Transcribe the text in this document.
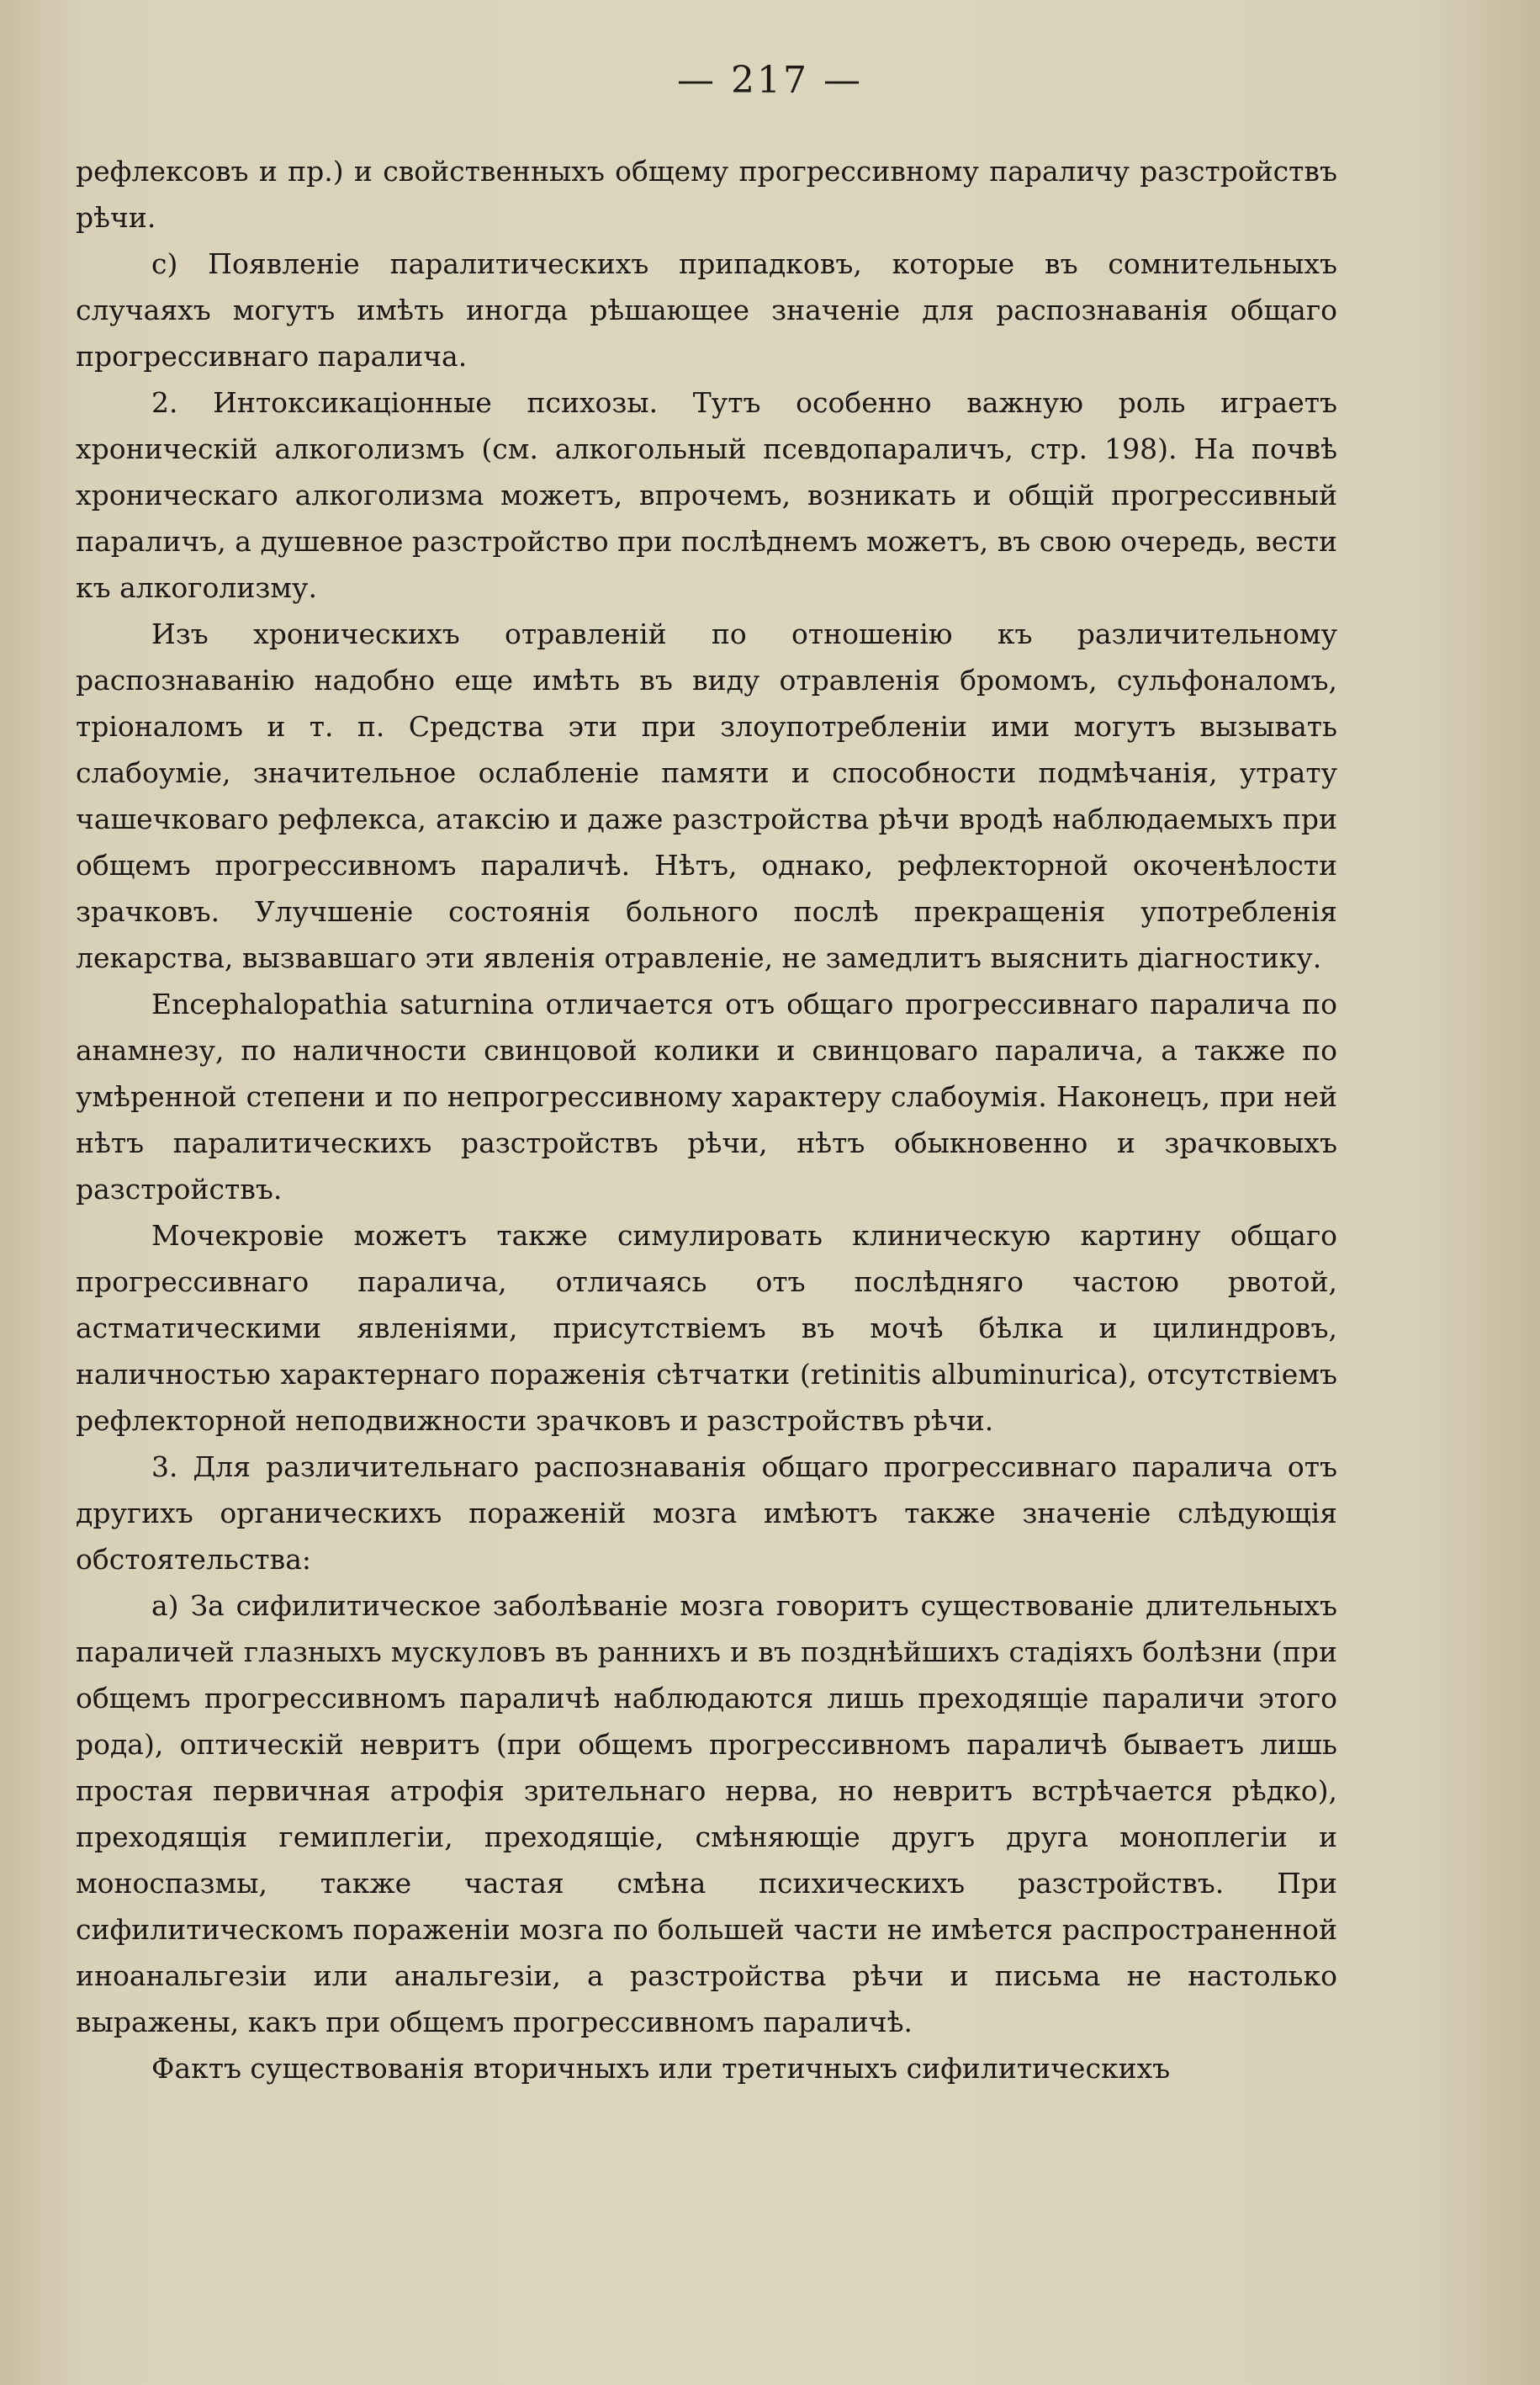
— 217 —

рефлексовъ и пр.) и свойственныхъ общему прогрессивному параличу разстройствъ рѣчи.

c) Появленіе паралитическихъ припадковъ, которые въ сомнительныхъ случаяхъ могутъ имѣть иногда рѣшающее значеніе для распознаванія общаго прогрессивнаго паралича.

2. Интоксикаціонные психозы. Тутъ особенно важную роль играетъ хроническій алкоголизмъ (см. алкогольный псевдопараличъ, стр. 198). На почвѣ хроническаго алкоголизма можетъ, впрочемъ, возникать и общій прогрессивный параличъ, а душевное разстройство при послѣднемъ можетъ, въ свою очередь, вести къ алкоголизму.

Изъ хроническихъ отравленій по отношенію къ различительному распознаванію надобно еще имѣть въ виду отравленія бромомъ, сульфоналомъ, тріоналомъ и т. п. Средства эти при злоупотребленіи ими могутъ вызывать слабоуміе, значительное ослабленіе памяти и способности подмѣчанія, утрату чашечковаго рефлекса, атаксію и даже разстройства рѣчи вродѣ наблюдаемыхъ при общемъ прогрессивномъ параличѣ. Нѣтъ, однако, рефлекторной окоченѣлости зрачковъ. Улучшеніе состоянія больного послѣ прекращенія употребленія лекарства, вызвавшаго эти явленія отравленіе, не замедлитъ выяснить діагностику.

Encephalopathia saturnina отличается отъ общаго прогрессивнаго паралича по анамнезу, по наличности свинцовой колики и свинцоваго паралича, а также по умѣренной степени и по непрогрессивному характеру слабоумія. Наконецъ, при ней нѣтъ паралитическихъ разстройствъ рѣчи, нѣтъ обыкновенно и зрачковыхъ разстройствъ.

Мочекровіе можетъ также симулировать клиническую картину общаго прогрессивнаго паралича, отличаясь отъ послѣдняго частою рвотой, астматическими явленіями, присутствіемъ въ мочѣ бѣлка и цилиндровъ, наличностью характернаго пораженія сѣтчатки (retinitis albuminurica), отсутствіемъ рефлекторной неподвижности зрачковъ и разстройствъ рѣчи.

3. Для различительнаго распознаванія общаго прогрессивнаго паралича отъ другихъ органическихъ пораженій мозга имѣютъ также значеніе слѣдующія обстоятельства:

а) За сифилитическое заболѣваніе мозга говоритъ существованіе длительныхъ параличей глазныхъ мускуловъ въ раннихъ и въ позднѣйшихъ стадіяхъ болѣзни (при общемъ прогрессивномъ параличѣ наблюдаются лишь преходящіе параличи этого рода), оптическій невритъ (при общемъ прогрессивномъ параличѣ бываетъ лишь простая первичная атрофія зрительнаго нерва, но невритъ встрѣчается рѣдко), преходящія гемиплегіи, преходящіе, смѣняющіе другъ друга моноплегіи и моноспазмы, также частая смѣна психическихъ разстройствъ. При сифилитическомъ пораженіи мозга по большей части не имѣется распространенной иноанальгезіи или анальгезіи, а разстройства рѣчи и письма не настолько выражены, какъ при общемъ прогрессивномъ параличѣ.

Фактъ существованія вторичныхъ или третичныхъ сифилитическихъ
